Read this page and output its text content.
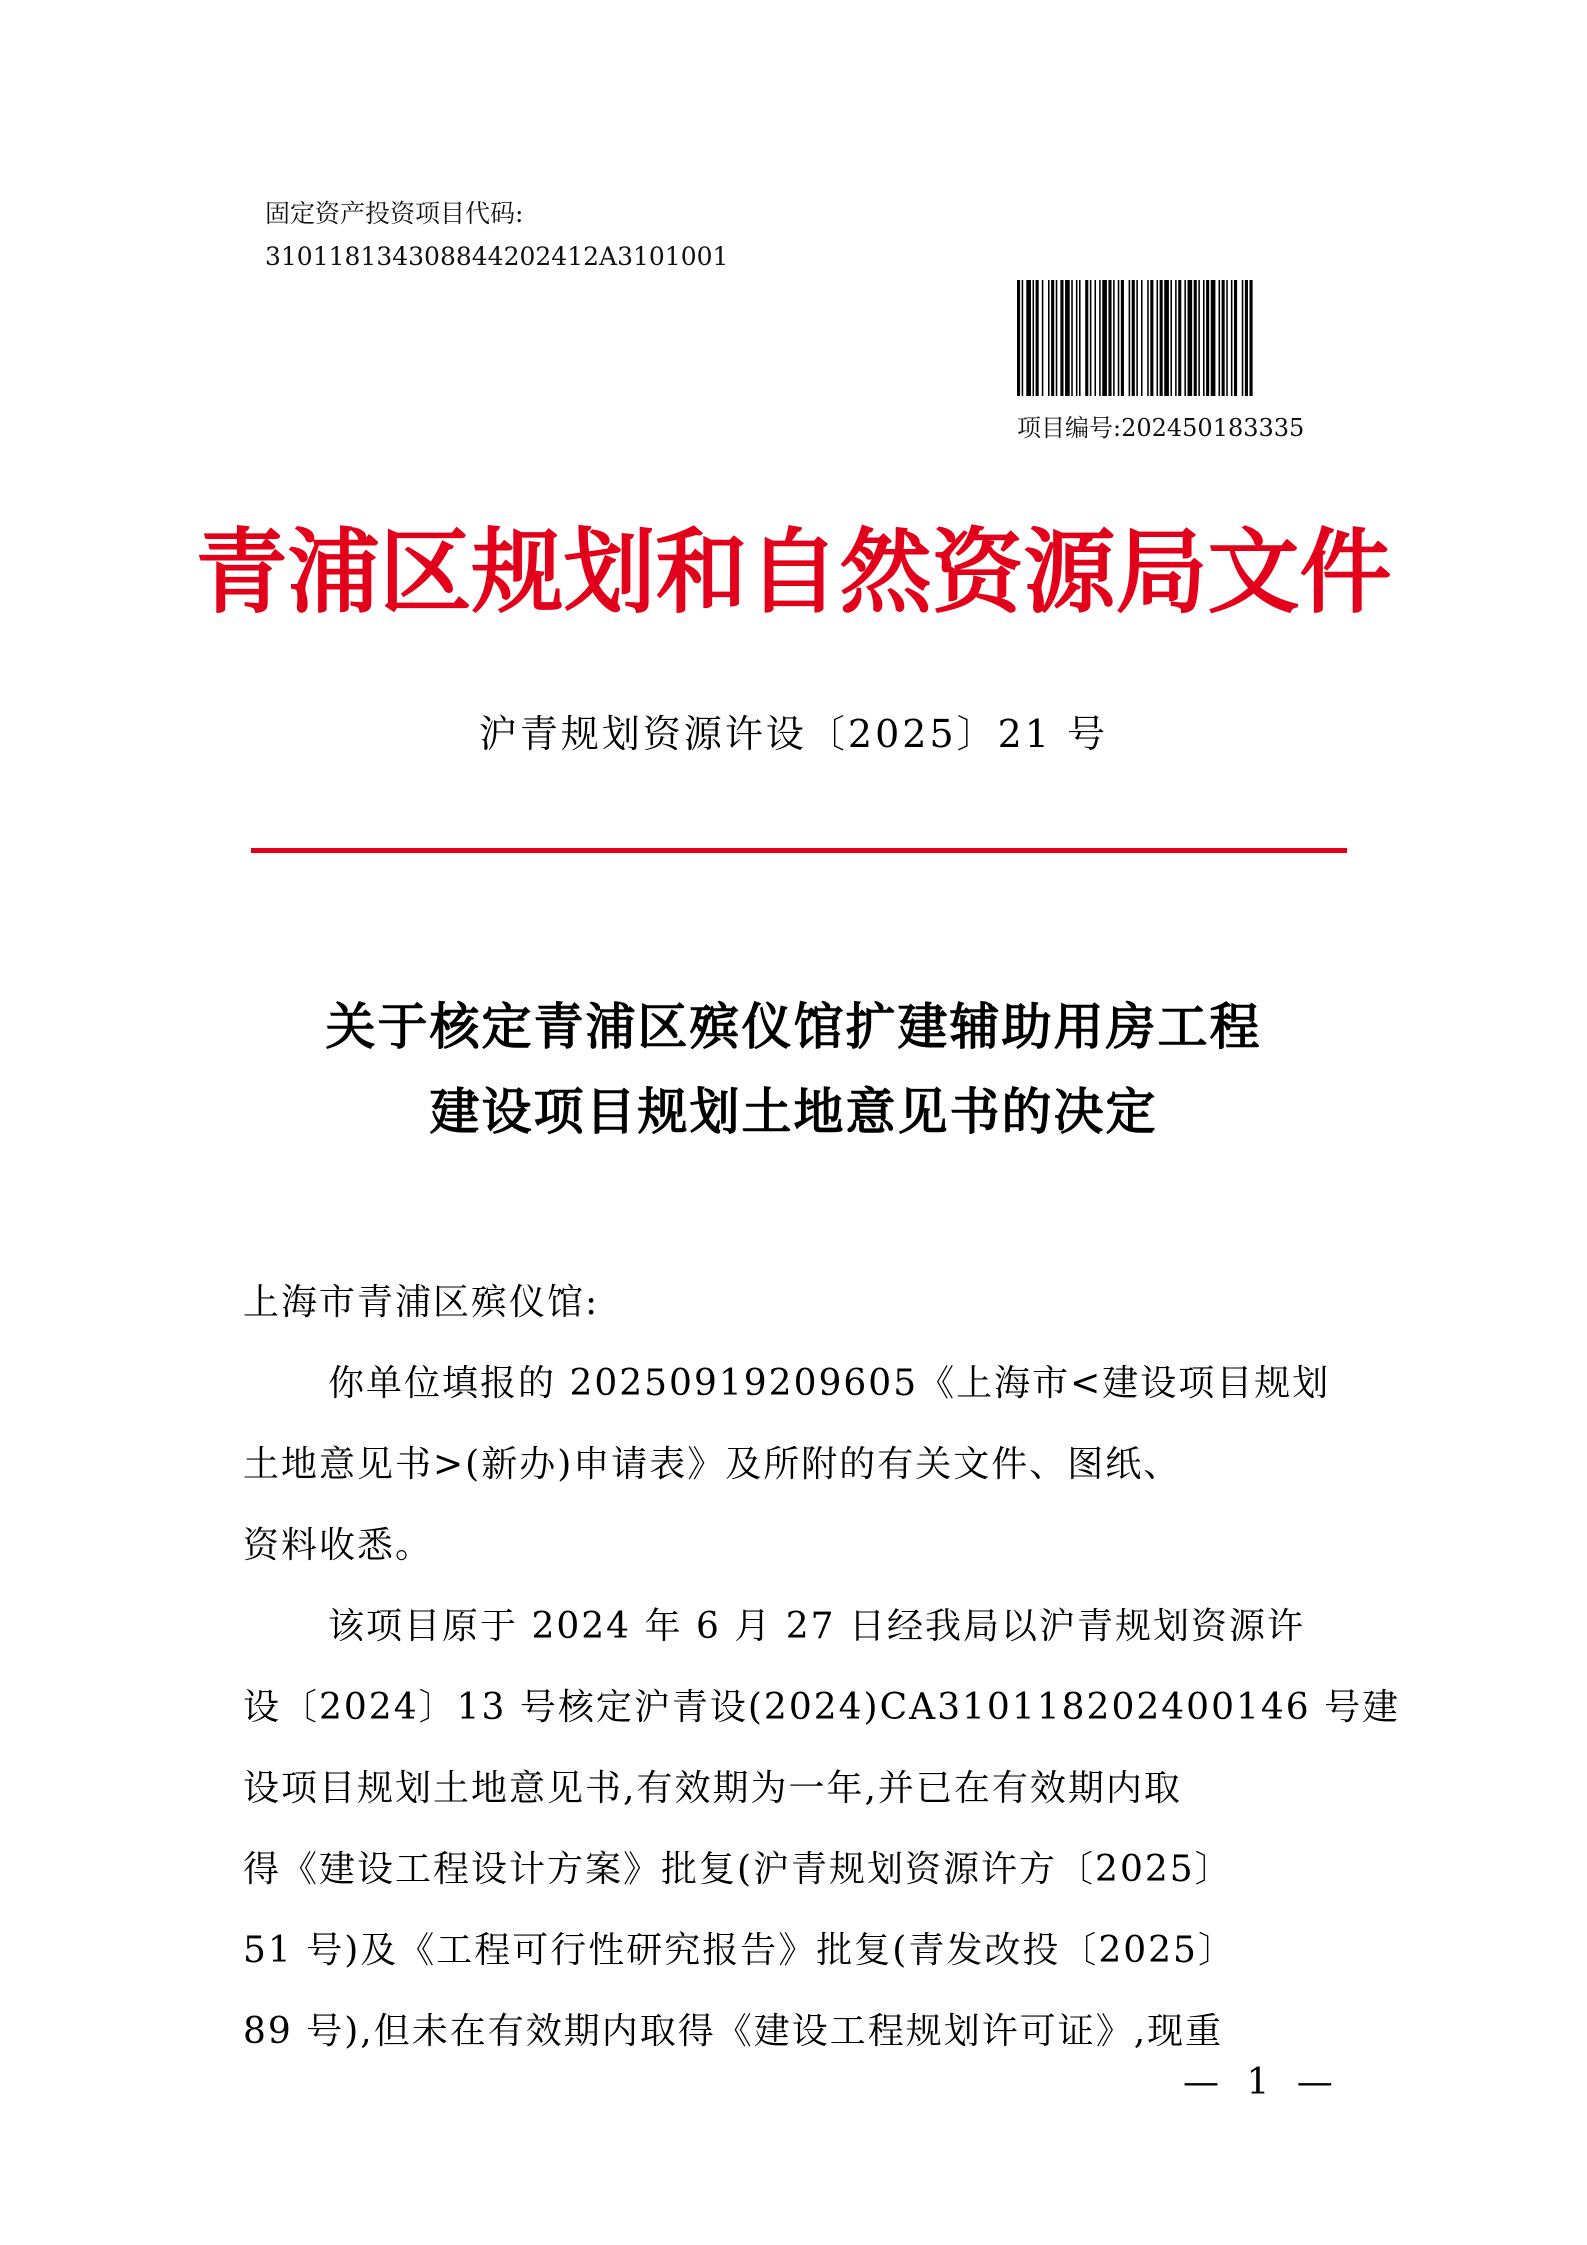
固定资产投资项目代码:
310118134308844202412A3101001
项目编号:202450183335
青浦区规划和自然资源局文件
沪青规划资源许设〔2025〕21 号
关于核定青浦区殡仪馆扩建辅助用房工程
建设项目规划土地意见书的决定
上海市青浦区殡仪馆:
你单位填报的 20250919209605《上海市<建设项目规划
土地意见书>(新办)申请表》及所附的有关文件、图纸、
资料收悉。
该项目原于 2024 年 6 月 27 日经我局以沪青规划资源许
设〔2024〕13 号核定沪青设(2024)CA310118202400146 号建
设项目规划土地意见书,有效期为一年,并已在有效期内取
得《建设工程设计方案》批复(沪青规划资源许方〔2025〕
51 号)及《工程可行性研究报告》批复(青发改投〔2025〕
89 号),但未在有效期内取得《建设工程规划许可证》,现重
— 1 —
